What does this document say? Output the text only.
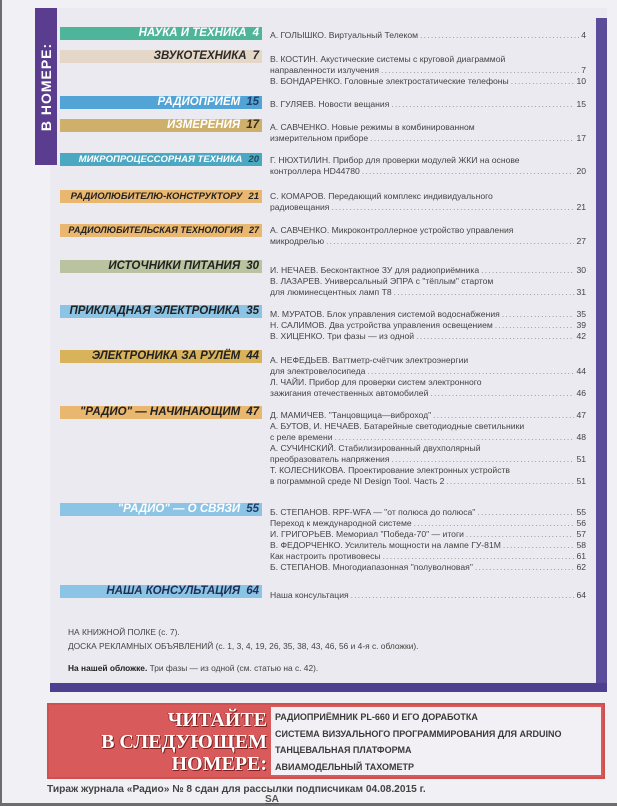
В НОМЕРЕ:
НАУКА И ТЕХНИКА 4	А. ГОЛЫШКО. Виртуальный Телеком . . .	4
ЗВУКОТЕХНИКА 7	В. КОСТИН. Акустические системы с круговой диаграммой
направленности излучения . . .	7
В. БОНДАРЕНКО. Головные электростатические телефоны . . .	10
РАДИОПРИЁМ 15	В. ГУЛЯЕВ. Новости вещания . . .	15
ИЗМЕРЕНИЯ 17	А. САВЧЕНКО. Новые режимы в комбинированном
измерительном приборе . . .	17
МИКРОПРОЦЕССОРНАЯ ТЕХНИКА 20	Г. НЮХТИЛИН. Прибор для проверки модулей ЖКИ на основе
контроллера HD44780 . . .	20
РАДИОЛЮБИТЕЛЮ-КОНСТРУКТОРУ 21	С. КОМАРОВ. Передающий комплекс индивидуального
радиовещания . . .	21
РАДИОЛЮБИТЕЛЬСКАЯ ТЕХНОЛОГИЯ 27	А. САВЧЕНКО. Микроконтроллерное устройство управления
микродрелью . . .	27
ИСТОЧНИКИ ПИТАНИЯ 30	И. НЕЧАЕВ. Бесконтактное ЗУ для радиоприёмника . . .	30
В. ЛАЗАРЕВ. Универсальный ЭПРА с "тёплым" стартом
для люминесцентных ламп Т8 . . .	31
ПРИКЛАДНАЯ ЭЛЕКТРОНИКА 35	М. МУРАТОВ. Блок управления системой водоснабжения . . .	35
Н. САЛИМОВ. Два устройства управления освещением . . .	39
В. ХИЦЕНКО. Три фазы — из одной . . .	42
ЭЛЕКТРОНИКА ЗА РУЛЁМ 44	А. НЕФЕДЬЕВ. Ваттметр-счётчик электроэнергии
для электровелосипеда . . .	44
Л. ЧАЙИ. Прибор для проверки систем электронного
зажигания отечественных автомобилей . . .	46
"РАДИО" — НАЧИНАЮЩИМ 47	Д. МАМИЧЕВ. "Танцовщица—виброход" . . .	47
А. БУТОВ, И. НЕЧАЕВ. Батарейные светодиодные светильники
с реле времени . . .	48
А. СУЧИНСКИЙ. Стабилизированный двухполярный
преобразователь напряжения . . .	51
Т. КОЛЕСНИКОВА. Проектирование электронных устройств
в пограммной среде NI Design Tool. Часть 2 . . .	51
"РАДИО" — О СВЯЗИ 55	Б. СТЕПАНОВ. RPF-WFA — "от полюса до полюса" . . .	55
Переход к международной системе . . .	56
И. ГРИГОРЬЕВ. Мемориал "Победа-70" — итоги . . .	57
В. ФЕДОРЧЕНКО. Усилитель мощности на лампе ГУ-81М . . .	58
Как настроить противовесы . . .	61
Б. СТЕПАНОВ. Многодиапазонная "полуволновая" . . .	62
НАША КОНСУЛЬТАЦИЯ 64	Наша консультация . . .	64
НА КНИЖНОЙ ПОЛКЕ (с. 7).
ДОСКА РЕКЛАМНЫХ ОБЪЯВЛЕНИЙ (с. 1, 3, 4, 19, 26, 35, 38, 43, 46, 56 и 4-я с. обложки).
На нашей обложке. Три фазы — из одной (см. статью на с. 42).
ЧИТАЙТЕ
В СЛЕДУЮЩЕМ
НОМЕРЕ:
РАДИОПРИЁМНИК PL-660 И ЕГО ДОРАБОТКА
СИСТЕМА ВИЗУАЛЬНОГО ПРОГРАММИРОВАНИЯ ДЛЯ ARDUINO
ТАНЦЕВАЛЬНАЯ ПЛАТФОРМА
АВИАМОДЕЛЬНЫЙ ТАХОМЕТР
Тираж журнала «Радио» № 8 сдан для рассылки подписчикам 04.08.2015 г.
SA
